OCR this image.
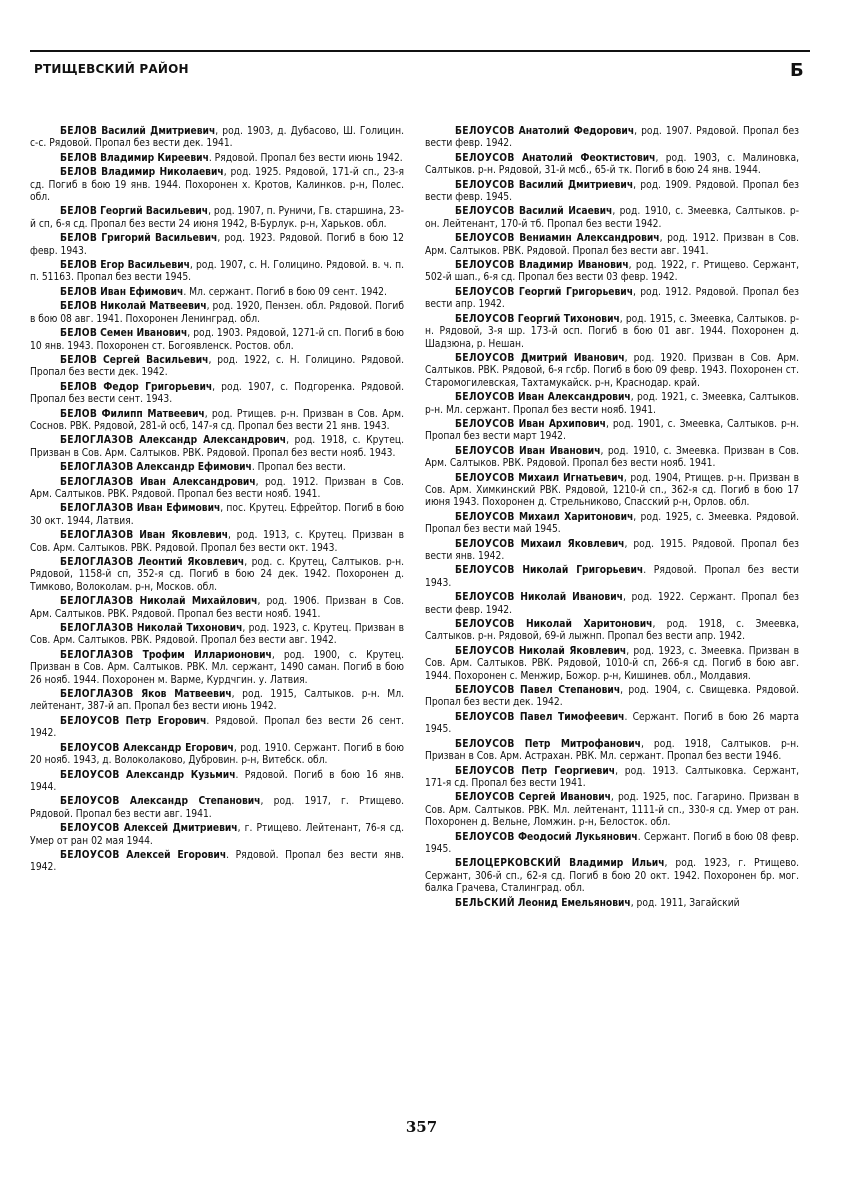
РТИЩЕВСКИЙ РАЙОН	Б

БЕЛОВ Василий Дмитриевич, род. 1903, д. Дубасово, Ш. Голицин. с-с. Рядовой. Пропал без вести дек. 1941.

БЕЛОВ Владимир Киреевич. Рядовой. Пропал без вести июнь 1942.

БЕЛОВ Владимир Николаевич, род. 1925. Рядовой, 171-й сп., 23-я сд. Погиб в бою 19 янв. 1944. Похоронен х. Кротов, Калинков. р-н, Полес. обл.

БЕЛОВ Георгий Васильевич, род. 1907, п. Руничи, Гв. старшина, 23-й сп, 6-я сд. Пропал без вести 24 июня 1942, В-Бурлук. р-н, Харьков. обл.

БЕЛОВ Григорий Васильевич, род. 1923. Рядовой. Погиб в бою 12 февр. 1943.

БЕЛОВ Егор Васильевич, род. 1907, с. Н. Голицино. Рядовой. в. ч. п. п. 51163. Пропал без вести 1945.

БЕЛОВ Иван Ефимович. Мл. сержант. Погиб в бою 09 сент. 1942.

БЕЛОВ Николай Матвеевич, род. 1920, Пензен. обл. Рядовой. Погиб в бою 08 авг. 1941. Похоронен Ленинград. обл.

БЕЛОВ Семен Иванович, род. 1903. Рядовой, 1271-й сп. Погиб в бою 10 янв. 1943. Похоронен ст. Богоявленск. Ростов. обл.

БЕЛОВ Сергей Васильевич, род. 1922, с. Н. Голицино. Рядовой. Пропал без вести дек. 1942.

БЕЛОВ Федор Григорьевич, род. 1907, с. Подгоренка. Рядовой. Пропал без вести сент. 1943.

БЕЛОВ Филипп Матвеевич, род. Ртищев. р-н. Призван в Сов. Арм. Соснов. РВК. Рядовой, 281-й осб, 147-я сд. Пропал без вести 21 янв. 1943.

БЕЛОГЛАЗОВ Александр Александрович, род. 1918, с. Крутец. Призван в Сов. Арм. Салтыков. РВК. Рядовой. Пропал без вести нояб. 1943.

БЕЛОГЛАЗОВ Александр Ефимович. Пропал без вести.

БЕЛОГЛАЗОВ Иван Александрович, род. 1912. Призван в Сов. Арм. Салтыков. РВК. Рядовой. Пропал без вести нояб. 1941.

БЕЛОГЛАЗОВ Иван Ефимович, пос. Крутец. Ефрейтор. Погиб в бою 30 окт. 1944, Латвия.

БЕЛОГЛАЗОВ Иван Яковлевич, род. 1913, с. Крутец. Призван в Сов. Арм. Салтыков. РВК. Рядовой. Пропал без вести окт. 1943.

БЕЛОГЛАЗОВ Леонтий Яковлевич, род. с. Крутец, Салтыков. р-н. Рядовой, 1158-й сп, 352-я сд. Погиб в бою 24 дек. 1942. Похоронен д. Тимково, Волоколам. р-н, Москов. обл.

БЕЛОГЛАЗОВ Николай Михайлович, род. 1906. Призван в Сов. Арм. Салтыков. РВК. Рядовой. Пропал без вести нояб. 1941.

БЕЛОГЛАЗОВ Николай Тихонович, род. 1923, с. Крутец. Призван в Сов. Арм. Салтыков. РВК. Рядовой. Пропал без вести авг. 1942.

БЕЛОГЛАЗОВ Трофим Илларионович, род. 1900, с. Крутец. Призван в Сов. Арм. Салтыков. РВК. Мл. сержант, 1490 саман. Погиб в бою 26 нояб. 1944. Похоронен м. Варме, Курдчгин. у. Латвия.

БЕЛОГЛАЗОВ Яков Матвеевич, род. 1915, Салтыков. р-н. Мл. лейтенант, 387-й ап. Пропал без вести июнь 1942.

БЕЛОУСОВ Петр Егорович. Рядовой. Пропал без вести 26 сент. 1942.

БЕЛОУСОВ Александр Егорович, род. 1910. Сержант. Погиб в бою 20 нояб. 1943, д. Волоколаково, Дубровин. р-н, Витебск. обл.

БЕЛОУСОВ Александр Кузьмич. Рядовой. Погиб в бою 16 янв. 1944.

БЕЛОУСОВ Александр Степанович, род. 1917, г. Ртищево. Рядовой. Пропал без вести авг. 1941.

БЕЛОУСОВ Алексей Дмитриевич, г. Ртищево. Лейтенант, 76-я сд. Умер от ран 02 мая 1944.

БЕЛОУСОВ Алексей Егорович. Рядовой. Пропал без вести янв. 1942.

БЕЛОУСОВ Анатолий Федорович, род. 1907. Рядовой. Пропал без вести февр. 1942.

БЕЛОУСОВ Анатолий Феоктистович, род. 1903, с. Малиновка, Салтыков. р-н. Рядовой, 31-й мсб., 65-й тк. Погиб в бою 24 янв. 1944.

БЕЛОУСОВ Василий Дмитриевич, род. 1909. Рядовой. Пропал без вести февр. 1945.

БЕЛОУСОВ Василий Исаевич, род. 1910, с. Змеевка, Салтыков. р-он. Лейтенант, 170-й тб. Пропал без вести 1942.

БЕЛОУСОВ Вениамин Александрович, род. 1912. Призван в Сов. Арм. Салтыков. РВК. Рядовой. Пропал без вести авг. 1941.

БЕЛОУСОВ Владимир Иванович, род. 1922, г. Ртищево. Сержант, 502-й шап., 6-я сд. Пропал без вести 03 февр. 1942.

БЕЛОУСОВ Георгий Григорьевич, род. 1912. Рядовой. Пропал без вести апр. 1942.

БЕЛОУСОВ Георгий Тихонович, род. 1915, с. Змеевка, Салтыков. р-н. Рядовой, 3-я шр. 173-й осп. Погиб в бою 01 авг. 1944. Похоронен д. Шадзюна, р. Нешан.

БЕЛОУСОВ Дмитрий Иванович, род. 1920. Призван в Сов. Арм. Салтыков. РВК. Рядовой, 6-я гсбр. Погиб в бою 09 февр. 1943. Похоронен ст. Старомогилевская, Тахтамукайск. р-н, Краснодар. край.

БЕЛОУСОВ Иван Александрович, род. 1921, с. Змеевка, Салтыков. р-н. Мл. сержант. Пропал без вести нояб. 1941.

БЕЛОУСОВ Иван Архипович, род. 1901, с. Змеевка, Салтыков. р-н. Пропал без вести март 1942.

БЕЛОУСОВ Иван Иванович, род. 1910, с. Змеевка. Призван в Сов. Арм. Салтыков. РВК. Рядовой. Пропал без вести нояб. 1941.

БЕЛОУСОВ Михаил Игнатьевич, род. 1904, Ртищев. р-н. Призван в Сов. Арм. Химкинский РВК. Рядовой, 1210-й сп., 362-я сд. Погиб в бою 17 июня 1943. Похоронен д. Стрельниково, Спасский р-н, Орлов. обл.

БЕЛОУСОВ Михаил Харитонович, род. 1925, с. Змеевка. Рядовой. Пропал без вести май 1945.

БЕЛОУСОВ Михаил Яковлевич, род. 1915. Рядовой. Пропал без вести янв. 1942.

БЕЛОУСОВ Николай Григорьевич. Рядовой. Пропал без вести 1943.

БЕЛОУСОВ Николай Иванович, род. 1922. Сержант. Пропал без вести февр. 1942.

БЕЛОУСОВ Николай Харитонович, род. 1918, с. Змеевка, Салтыков. р-н. Рядовой, 69-й лыжнп. Пропал без вести апр. 1942.

БЕЛОУСОВ Николай Яковлевич, род. 1923, с. Змеевка. Призван в Сов. Арм. Салтыков. РВК. Рядовой, 1010-й сп, 266-я сд. Погиб в бою авг. 1944. Похоронен с. Менжир, Божор. р-н, Кишинев. обл., Молдавия.

БЕЛОУСОВ Павел Степанович, род. 1904, с. Свищевка. Рядовой. Пропал без вести дек. 1942.

БЕЛОУСОВ Павел Тимофеевич. Сержант. Погиб в бою 26 марта 1945.

БЕЛОУСОВ Петр Митрофанович, род. 1918, Салтыков. р-н. Призван в Сов. Арм. Астрахан. РВК. Мл. сержант. Пропал без вести 1946.

БЕЛОУСОВ Петр Георгиевич, род. 1913. Салтыковка. Сержант, 171-я сд. Пропал без вести 1941.

БЕЛОУСОВ Сергей Иванович, род. 1925, пос. Гагарино. Призван в Сов. Арм. Салтыков. РВК. Мл. лейтенант, 1111-й сп., 330-я сд. Умер от ран. Похоронен д. Вельне, Ломжин. р-н, Белосток. обл.

БЕЛОУСОВ Феодосий Лукьянович. Сержант. Погиб в бою 08 февр. 1945.

БЕЛОЦЕРКОВСКИЙ Владимир Ильич, род. 1923, г. Ртищево. Сержант, 306-й сп., 62-я сд. Погиб в бою 20 окт. 1942. Похоронен бр. мог. балка Грачева, Сталинград. обл.

БЕЛЬСКИЙ Леонид Емельянович, род. 1911, Загайский

357
